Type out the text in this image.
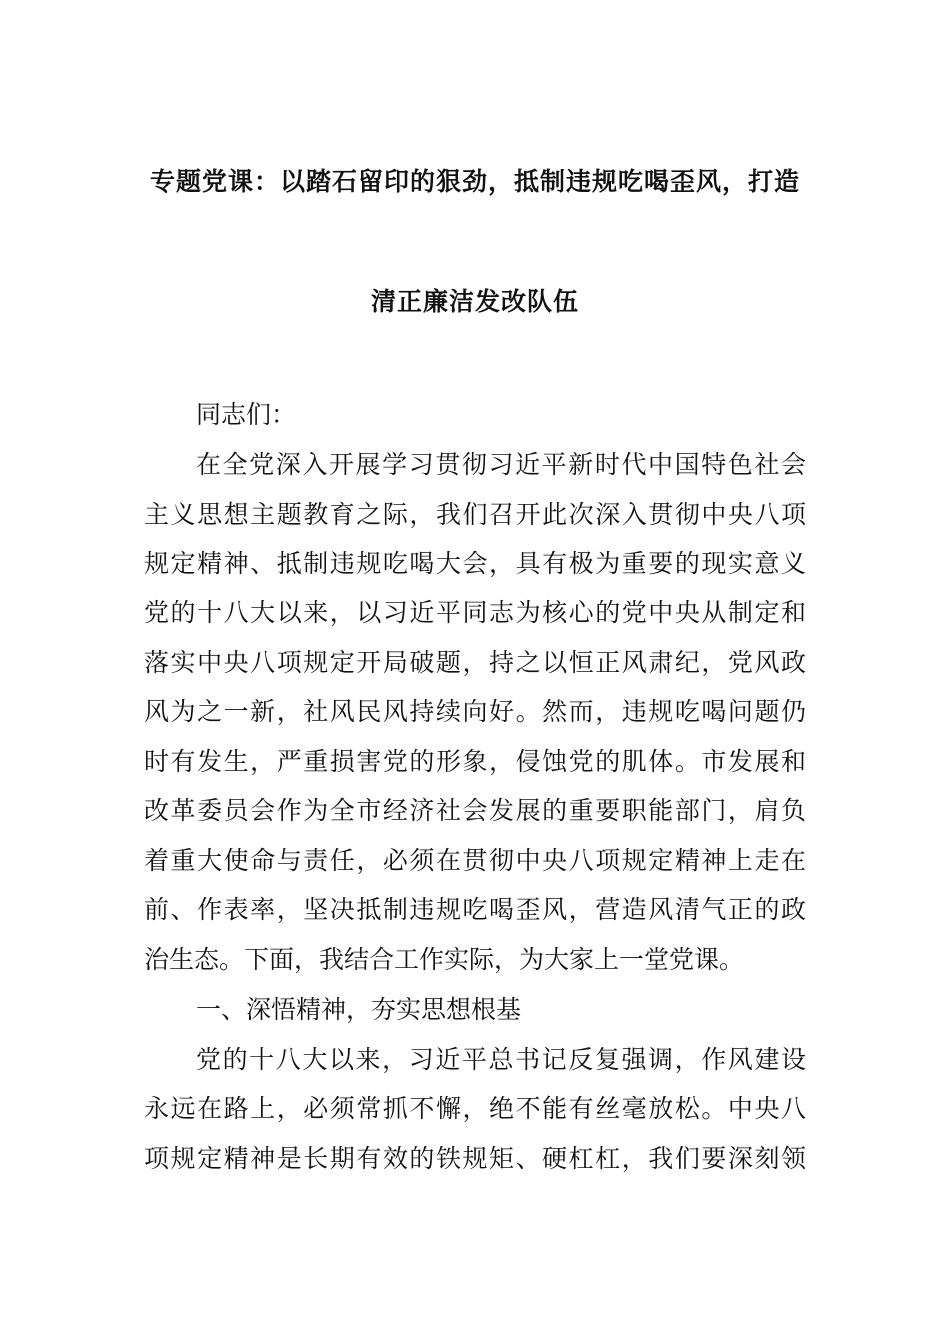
专题党课：以踏石留印的狠劲，抵制违规吃喝歪风，打造
清正廉洁发改队伍
同志们：
在全党深入开展学习贯彻习近平新时代中国特色社会
主义思想主题教育之际，我们召开此次深入贯彻中央八项
规定精神、抵制违规吃喝大会，具有极为重要的现实意义
党的十八大以来，以习近平同志为核心的党中央从制定和
落实中央八项规定开局破题，持之以恒正风肃纪，党风政
风为之一新，社风民风持续向好。然而，违规吃喝问题仍
时有发生，严重损害党的形象，侵蚀党的肌体。市发展和
改革委员会作为全市经济社会发展的重要职能部门，肩负
着重大使命与责任，必须在贯彻中央八项规定精神上走在
前、作表率，坚决抵制违规吃喝歪风，营造风清气正的政
治生态。下面，我结合工作实际，为大家上一堂党课。
一、深悟精神，夯实思想根基
党的十八大以来，习近平总书记反复强调，作风建设
永远在路上，必须常抓不懈，绝不能有丝毫放松。中央八
项规定精神是长期有效的铁规矩、硬杠杠，我们要深刻领
